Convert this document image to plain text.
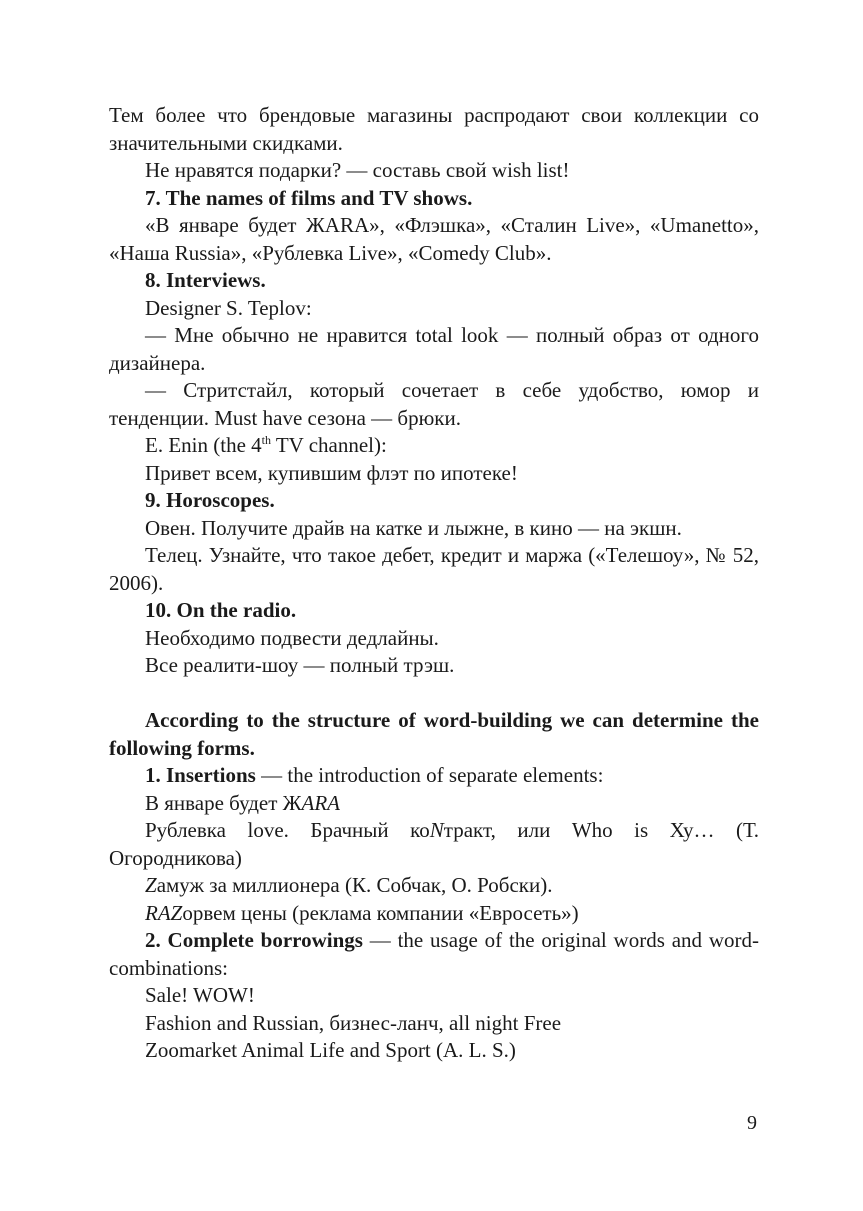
Тем более что брендовые магазины распродают свои коллекции со значительными скидками.

Не нравятся подарки? — составь свой wish list!

7. The names of films and TV shows.

«В январе будет ЖARA», «Флэшка», «Сталин Live», «Umanetto», «Наша Russia», «Рублевка Live», «Comedy Club».

8. Interviews.

Designer S. Teplov:

— Мне обычно не нравится total look — полный образ от одного дизайнера.

— Стритстайл, который сочетает в себе удобство, юмор и тенденции. Must have сезона — брюки.

E. Enin (the 4th TV channel):

Привет всем, купившим флэт по ипотеке!

9. Horoscopes.

Овен. Получите драйв на катке и лыжне, в кино — на экшн.

Телец. Узнайте, что такое дебет, кредит и маржа («Телешоу», № 52, 2006).

10. On the radio.

Необходимо подвести дедлайны.

Все реалити-шоу — полный трэш.

According to the structure of word-building we can determine the following forms.

1. Insertions — the introduction of separate elements:

В январе будет ЖARA

Рублевка love. Брачный коNтракт, или Who is Ху… (Т. Огородникова)

Zамуж за миллионера (К. Собчак, О. Робски).

RAZорвем цены (реклама компании «Евросеть»)

2. Complete borrowings — the usage of the original words and word-combinations:

Sale! WOW!

Fashion and Russian, бизнес-ланч, all night Free

Zoomarket Animal Life and Sport (A. L. S.)

9
